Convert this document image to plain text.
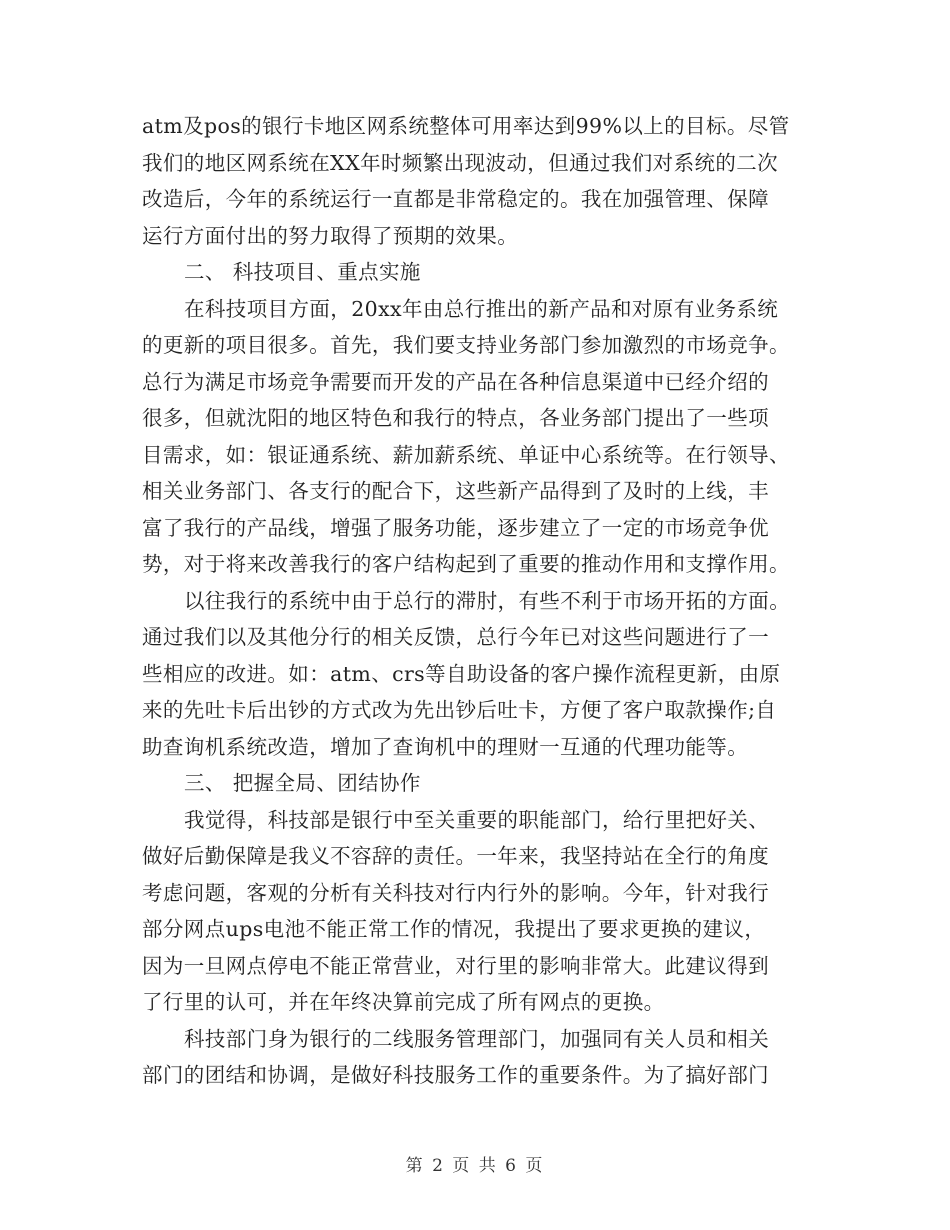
atm及pos的银行卡地区网系统整体可用率达到99%以上的目标。尽管
我们的地区网系统在XX年时频繁出现波动，但通过我们对系统的二次
改造后，今年的系统运行一直都是非常稳定的。我在加强管理、保障
运行方面付出的努力取得了预期的效果。
二、 科技项目、重点实施
在科技项目方面，20xx年由总行推出的新产品和对原有业务系统
的更新的项目很多。首先，我们要支持业务部门参加激烈的市场竞争。
总行为满足市场竞争需要而开发的产品在各种信息渠道中已经介绍的
很多，但就沈阳的地区特色和我行的特点，各业务部门提出了一些项
目需求，如：银证通系统、薪加薪系统、单证中心系统等。在行领导、
相关业务部门、各支行的配合下，这些新产品得到了及时的上线，丰
富了我行的产品线，增强了服务功能，逐步建立了一定的市场竞争优
势，对于将来改善我行的客户结构起到了重要的推动作用和支撑作用。
以往我行的系统中由于总行的滞肘，有些不利于市场开拓的方面。
通过我们以及其他分行的相关反馈，总行今年已对这些问题进行了一
些相应的改进。如：atm、crs等自助设备的客户操作流程更新，由原
来的先吐卡后出钞的方式改为先出钞后吐卡，方便了客户取款操作;自
助查询机系统改造，增加了查询机中的理财一互通的代理功能等。
三、 把握全局、团结协作
我觉得，科技部是银行中至关重要的职能部门，给行里把好关、
做好后勤保障是我义不容辞的责任。一年来，我坚持站在全行的角度
考虑问题，客观的分析有关科技对行内行外的影响。今年，针对我行
部分网点ups电池不能正常工作的情况，我提出了要求更换的建议，
因为一旦网点停电不能正常营业，对行里的影响非常大。此建议得到
了行里的认可，并在年终决算前完成了所有网点的更换。
科技部门身为银行的二线服务管理部门，加强同有关人员和相关
部门的团结和协调，是做好科技服务工作的重要条件。为了搞好部门
第 2 页 共 6 页
